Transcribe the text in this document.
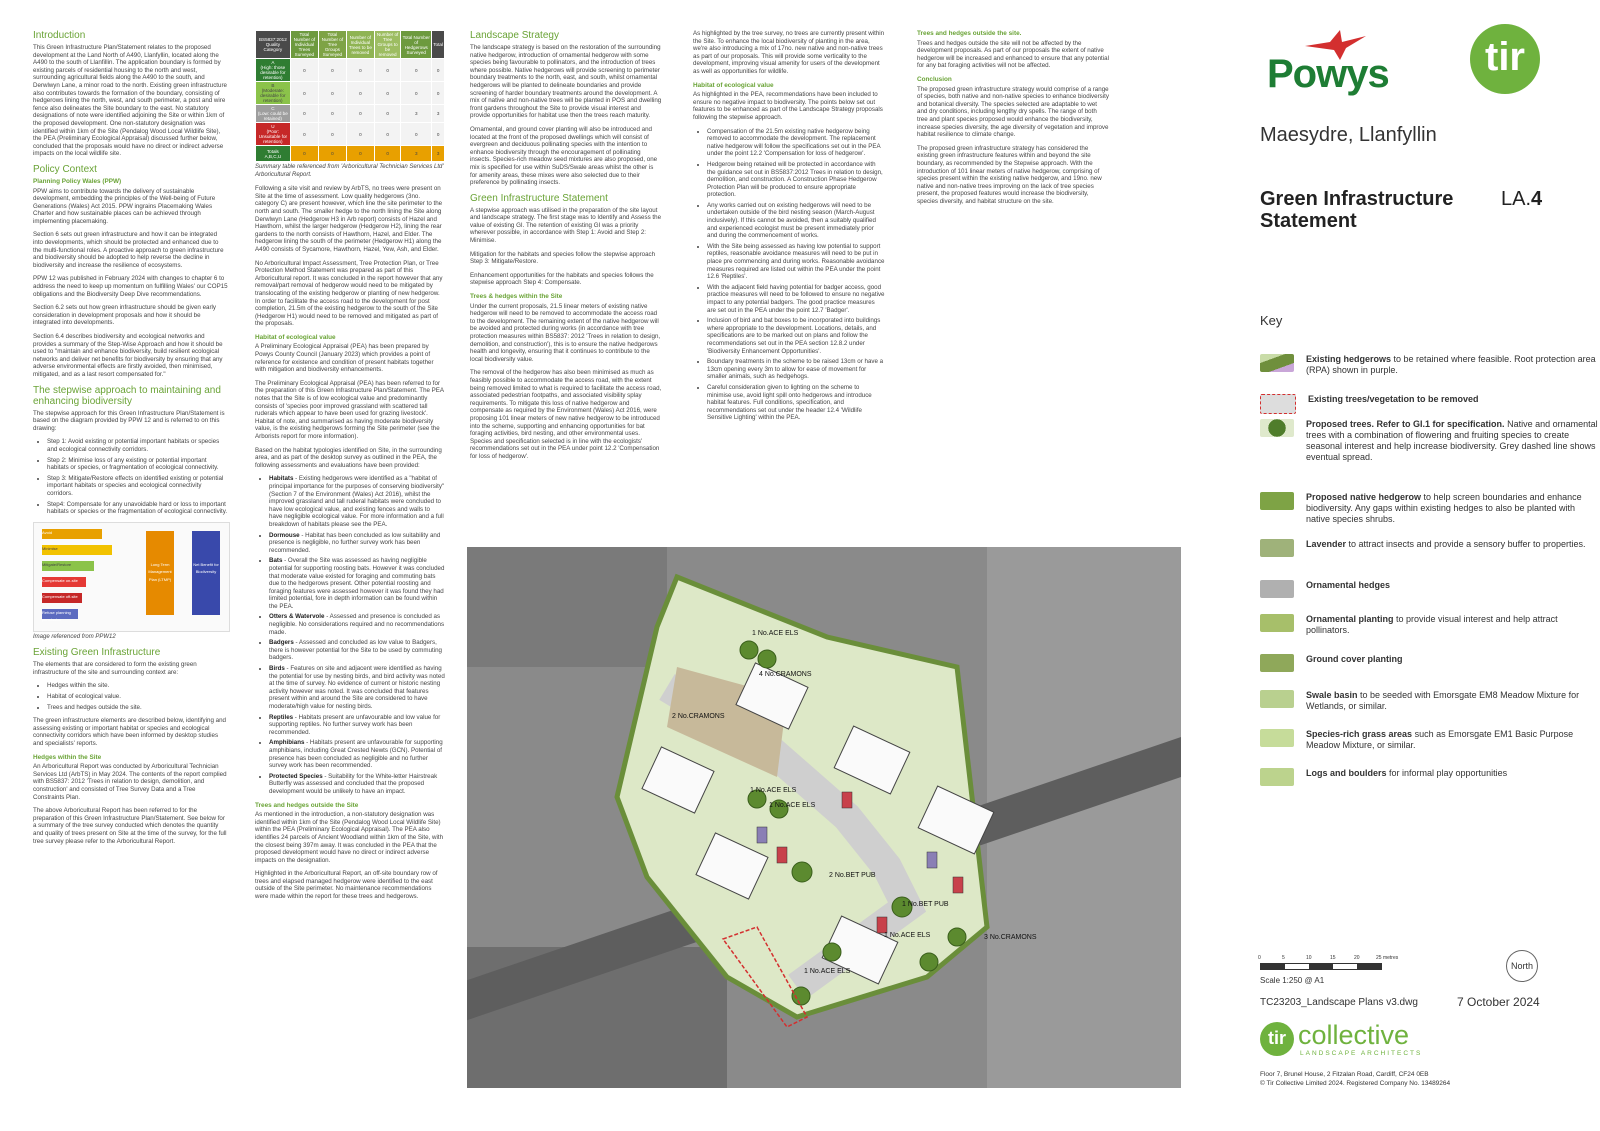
Introduction

This Green Infrastructure Plan/Statement relates to the proposed development at the Land North of A490, Llanfyllin, located along the A490 to the south of Llanfillin. The application boundary is formed by existing parcels of residential housing to the north and west, surrounding agricultural fields along the A490 to the south, and Derwlwyn Lane, a minor road to the north. Existing green infrastructure also contributes towards the formation of the boundary, consisting of hedgerows lining the north, west, and south perimeter, a post and wire fence also delineates the Site boundary to the east. No statutory designations of note were identified adjoining the Site or within 1km of the proposed development. One non-statutory designation was identified within 1km of the Site (Pendalog Wood Local Wildlife Site), the PEA (Preliminary Ecological Appraisal) discussed further below, concluded that the proposals would have no direct or indirect adverse impacts on the local wildlife site.

Policy Context
Planning Policy Wales (PPW)

PPW aims to contribute towards the delivery of sustainable development, embedding the principles of the Well-being of Future Generations (Wales) Act 2015. PPW ingrains Placemaking Wales Charter and how sustainable places can be achieved through implementing placemaking.

Section 6 sets out green infrastructure and how it can be integrated into developments, which should be protected and enhanced due to the multi-functional roles. A proactive approach to green infrastructure and biodiversity should be adopted to help reverse the decline in biodiversity and increase the resilience of ecosystems.

PPW 12 was published in February 2024 with changes to chapter 6 to address the need to keep up momentum on fulfilling Wales' our COP15 obligations and the Biodiversity Deep Dive recommendations.

Section 6.2 sets out how green infrastructure should be given early consideration in development proposals and how it should be integrated into developments.

Section 6.4 describes biodiversity and ecological networks and provides a summary of the Step-Wise Approach and how it should be used to "maintain and enhance biodiversity, build resilient ecological networks and deliver net benefits for biodiversity by ensuring that any adverse environmental effects are firstly avoided, then minimised, mitigated, and as a last resort compensated for."

The stepwise approach to maintaining and enhancing biodiversity

The stepwise approach for this Green Infrastructure Plan/Statement is based on the diagram provided by PPW 12 and is referred to on this drawing:

• Step 1: Avoid existing or potential important habitats or species and ecological connectivity corridors.
• Step 2: Minimise loss of any existing or potential important habitats or species, or fragmentation of ecological connectivity.
• Step 3: Mitigate/Restore effects on identified existing or potential important habitats or species and ecological connectivity corridors.
• Step4: Compensate for any unavoidable hard or loss to important habitats or species or the fragmentation of ecological connectivity.
Avoid
Minimise
Mitigate/Restore
Compensate on-site
Compensate off-site
Refuse planning permission
Long Term Management Plan (LTMP)
Net Benefit for Biodiversity
Image referenced from PPW12
Existing Green Infrastructure

The elements that are considered to form the existing green infrastructure of the site and surrounding context are:

• Hedges within the site.
• Habitat of ecological value.
• Trees and hedges outside the site.

The green infrastructure elements are described below, identifying and assessing existing or important habitat or species and ecological connectivity corridors which have been informed by desktop studies and specialists' reports.

Hedges within the Site

An Arboricultural Report was conducted by Arboricultural Technician Services Ltd (ArbTS) in May 2024. The contents of the report complied with BS5837: 2012 'Trees in relation to design, demolition, and construction' and consisted of Tree Survey Data and a Tree Constraints Plan.

The above Arboricultural Report has been referred to for the preparation of this Green Infrastructure Plan/Statement. See below for a summary of the tree survey conducted which denotes the quantity and quality of trees present on Site at the time of the survey, for the full tree survey please refer to the Arboricultural Report.

BS5837:2012 Quality Category	Total Number of Individual Trees Surveyed	Total Number of Tree Groups Surveyed	Number of Individual Trees to be removed	Number of Tree Groups to be removed	Total Number of Hedgerows Surveyed	Total
A
(High: those desirable for retention)	0	0	0	0	0	0
B
(Moderate: desirable for retention)	0	0	0	0	0	0
C
(Low: could be retained)	0	0	0	0	3	3
U
(Poor: Unsuitable for retention)	0	0	0	0	0	0
Totals
A,B,C,U	0	0	0	0	3	3
Summary table referenced from 'Arboricultural Technician Services Ltd' Arboricultural Report.

Following a site visit and review by ArbTS, no trees were present on Site at the time of assessment. Low quality hedgerows (3no. category C) are present however, which line the site perimeter to the north and south. The smaller hedge to the north lining the Site along Derwlwyn Lane (Hedgerow H3 in Arb report) consists of Hazel and Hawthorn, whilst the larger hedgerow (Hedgerow H2), lining the rear gardens to the north consists of Hawthorn, Hazel, and Elder. The hedgerow lining the south of the perimeter (Hedgerow H1) along the A490 consists of Sycamore, Hawthorn, Hazel, Yew, Ash, and Elder.

No Arboricultural Impact Assessment, Tree Protection Plan, or Tree Protection Method Statement was prepared as part of this Arboricultural report. It was concluded in the report however that any removal/part removal of hedgerow would need to be mitigated by translocating of the existing hedgerow or planting of new hedgerow. In order to facilitate the access road to the development for post completion, 21.5m of the existing hedgerow to the south of the Site (Hedgerow H1) would need to be removed and mitigated as part of the proposals.

Habitat of ecological value

A Preliminary Ecological Appraisal (PEA) has been prepared by Powys County Council (January 2023) which provides a point of reference for existence and condition of present habitats together with mitigation and biodiversity enhancements.

The Preliminary Ecological Appraisal (PEA) has been referred to for the preparation of this Green Infrastructure Plan/Statement. The PEA notes that the Site is of low ecological value and predominantly consists of 'species poor improved grassland with scattered tall ruderals which appear to have been used for grazing livestock'. Habitat of note, and summarised as having moderate biodiversity value, is the existing hedgerows forming the Site perimeter (see the Arborists report for more information).

Based on the habitat typologies identified on Site, in the surrounding area, and as part of the desktop survey as outlined in the PEA, the following assessments and evaluations have been provided:

• Habitats - Existing hedgerows were identified as a "habitat of principal importance for the purposes of conserving biodiversity" (Section 7 of the Environment (Wales) Act 2016), whilst the improved grassland and tall ruderal habitats were concluded to have low ecological value, and existing fences and walls to have negligible ecological value. For more information and a full breakdown of habitats please see the PEA.
• Dormouse - Habitat has been concluded as low suitability and presence is negligible, no further survey work has been recommended.
• Bats - Overall the Site was assessed as having negligible potential for supporting roosting bats. However it was concluded that moderate value existed for foraging and commuting bats due to the hedgerows present. Other potential roosting and foraging features were assessed however it was found they had limited potential, fore in depth information can be found within the PEA.
• Otters & Watervole - Assessed and presence is concluded as negligible. No considerations required and no recommendations made.
• Badgers - Assessed and concluded as low value to Badgers, there is however potential for the Site to be used by commuting badgers.
• Birds - Features on site and adjacent were identified as having the potential for use by nesting birds, and bird activity was noted at the time of survey. No evidence of current or historic nesting activity however was noted. It was concluded that features present within and around the Site are considered to have moderate/high value for nesting birds.
• Reptiles - Habitats present are unfavourable and low value for supporting reptiles. No further survey work has been recommended.
• Amphibians - Habitats present are unfavourable for supporting amphibians, including Great Crested Newts (GCN). Potential of presence has been concluded as negligible and no further survey work has been recommended.
• Protected Species - Suitability for the White-letter Hairstreak Butterfly was assessed and concluded that the proposed development would be unlikely to have an impact.
Trees and hedges outside the Site

As mentioned in the introduction, a non-statutory designation was identified within 1km of the Site (Pendalog Wood Local Wildlife Site) within the PEA (Preliminary Ecological Appraisal). The PEA also identifies 24 parcels of Ancient Woodland within 1km of the Site, with the closest being 397m away. It was concluded in the PEA that the proposed development would have no direct or indirect adverse impacts on the designation.

Highlighted in the Arboricultural Report, an off-site boundary row of trees and elapsed managed hedgerow were identified to the east outside of the Site perimeter. No maintenance recommendations were made within the report for these trees and hedgerows.

Landscape Strategy

The landscape strategy is based on the restoration of the surrounding native hedgerow, introduction of ornamental hedgerow with some species being favourable to pollinators, and the introduction of trees where possible. Native hedgerows will provide screening to perimeter boundary treatments to the north, east, and south, whilst ornamental hedgerows will be planted to delineate boundaries and provide screening of harder boundary treatments around the development. A mix of native and non-native trees will be planted in POS and dwelling front gardens throughout the Site to provide visual interest and provide opportunities for habitat use then the trees reach maturity.

Ornamental, and ground cover planting will also be introduced and located at the front of the proposed dwellings which will consist of evergreen and deciduous pollinating species with the intention to enhance biodiversity through the encouragement of pollinating insects. Species-rich meadow seed mixtures are also proposed, one mix is specified for use within SuDS/Swale areas whilst the other is for amenity areas, these mixes were also selected due to their preference by pollinating insects.

Green Infrastructure Statement

A stepwise approach was utilised in the preparation of the site layout and landscape strategy. The first stage was to Identify and Assess the value of existing GI. The retention of existing GI was a priority wherever possible, in accordance with Step 1: Avoid and Step 2: Minimise.

Mitigation for the habitats and species follow the stepwise approach Step 3: Mitigate/Restore.

Enhancement opportunities for the habitats and species follows the stepwise approach Step 4: Compensate.

Trees & hedges within the Site

Under the current proposals, 21.5 linear meters of existing native hedgerow will need to be removed to accommodate the access road to the development. The remaining extent of the native hedgerow will be avoided and protected during works (in accordance with tree protection measures within BS5837: 2012 'Trees in relation to design, demolition, and construction'), this is to ensure the native hedgerows health and longevity, ensuring that it continues to contribute to the local biodiversity value.

The removal of the hedgerow has also been minimised as much as feasibly possible to accommodate the access road, with the extent being removed limited to what is required to facilitate the access road, associated pedestrian footpaths, and associated visibility splay requirements. To mitigate this loss of native hedgerow and compensate as required by the Environment (Wales) Act 2016, were proposing 101 linear meters of new native hedgerow to be introduced into the scheme, supporting and enhancing opportunities for bat foraging activities, bird nesting, and other environmental uses. Species and specification selected is in line with the ecologists' recommendations set out in the PEA under point 12.2 'Compensation for loss of hedgerow'.

As highlighted by the tree survey, no trees are currently present within the Site. To enhance the local biodiversity of planting in the area, we're also introducing a mix of 17no. new native and non-native trees as part of our proposals. This will provide some verticality to the development, improving visual amenity for users of the development as well as opportunities for wildlife.

Habitat of ecological value

As highlighted in the PEA, recommendations have been included to ensure no negative impact to biodiversity. The points below set out features to be enhanced as part of the Landscape Strategy proposals following the stepwise approach.

• Compensation of the 21.5m existing native hedgerow being removed to accommodate the development. The replacement native hedgerow will follow the specifications set out in the PEA under the point 12.2 'Compensation for loss of hedgerow'.
• Hedgerow being retained will be protected in accordance with the guidance set out in BS5837:2012 Trees in relation to design, demolition, and construction. A Construction Phase Hedgerow Protection Plan will be produced to ensure appropriate protection.
• Any works carried out on existing hedgerows will need to be undertaken outside of the bird nesting season (March-August inclusively). If this cannot be avoided, then a suitably qualified and experienced ecologist must be present immediately prior and during the commencement of works.
• With the Site being assessed as having low potential to support reptiles, reasonable avoidance measures will need to be put in place pre commencing and during works. Reasonable avoidance measures required are listed out within the PEA under the point 12.6 'Reptiles'.
• With the adjacent field having potential for badger access, good practice measures will need to be followed to ensure no negative impact to any potential badgers. The good practice measures are set out in the PEA under the point 12.7 'Badger'.
• Inclusion of bird and bat boxes to be incorporated into buildings where appropriate to the development. Locations, details, and specifications are to be marked out on plans and follow the recommendations set out in the PEA section 12.8.2 under 'Biodiversity Enhancement Opportunities'.
• Boundary treatments in the scheme to be raised 13cm or have a 13cm opening every 3m to allow for ease of movement for smaller animals, such as hedgehogs.
• Careful consideration given to lighting on the scheme to minimise use, avoid light spill onto hedgerows and introduce habitat features. Full conditions, specification, and recommendations set out under the header 12.4 'Wildlife Sensitive Lighting' within the PEA.
Trees and hedges outside the site.

Trees and hedges outside the site will not be affected by the development proposals. As part of our proposals the extent of native hedgerow will be increased and enhanced to ensure that any potential for any bat foraging activities will not be affected.

Conclusion

The proposed green infrastructure strategy would comprise of a range of species, both native and non-native species to enhance biodiversity and botanical diversity. The species selected are adaptable to wet and dry conditions, including lengthy dry spells. The range of both tree and plant species proposed would enhance the biodiversity, increase species diversity, the age diversity of vegetation and improve habitat resilience to climate change.

The proposed green infrastructure strategy has considered the existing green infrastructure features within and beyond the site boundary, as recommended by the Stepwise approach. With the introduction of 101 linear meters of native hedgerow, comprising of species present within the existing native hedgerow, and 19no. new native and non-native trees improving on the lack of tree species present, the proposed features would increase the biodiversity, species diversity, and habitat structure on the site.

1 No.ACE ELS
4 No.CRAMONS
2 No.CRAMONS
1 No.ACE ELS
1 No.ACE ELS
2 No.BET PUB
1 No.BET PUB
1 No.ACE ELS	3 No.CRAMONS
1 No.ACE ELS
Powys	tir
Maesydre, Llanfyllin
Green Infrastructure Statement
LA.4
Key
Existing hedgerows to be retained where feasible. Root protection area (RPA) shown in purple.
Existing trees/vegetation to be removed
Proposed trees. Refer to GI.1 for specification. Native and ornamental trees with a combination of flowering and fruiting species to create seasonal interest and help increase biodiversity. Grey dashed line shows eventual spread.
Proposed native hedgerow to help screen boundaries and enhance biodiversity. Any gaps within existing hedges to also be planted with native species shrubs.
Lavender to attract insects and provide a sensory buffer to properties.
Ornamental hedges
Ornamental planting to provide visual interest and help attract pollinators.
Ground cover planting
Swale basin to be seeded with Emorsgate EM8 Meadow Mixture for Wetlands, or similar.
Species-rich grass areas such as Emorsgate EM1 Basic Purpose Meadow Mixture, or similar.
Logs and boulders for informal play opportunities
0	5	10	15	20	25 metres
Scale 1:250 @ A1
North
TC23203_Landscape Plans v3.dwg	7 October 2024
tir collective
LANDSCAPE ARCHITECTS
Floor 7, Brunel House, 2 Fitzalan Road, Cardiff, CF24 0EB
© Tir Collective Limited 2024. Registered Company No. 13489264
